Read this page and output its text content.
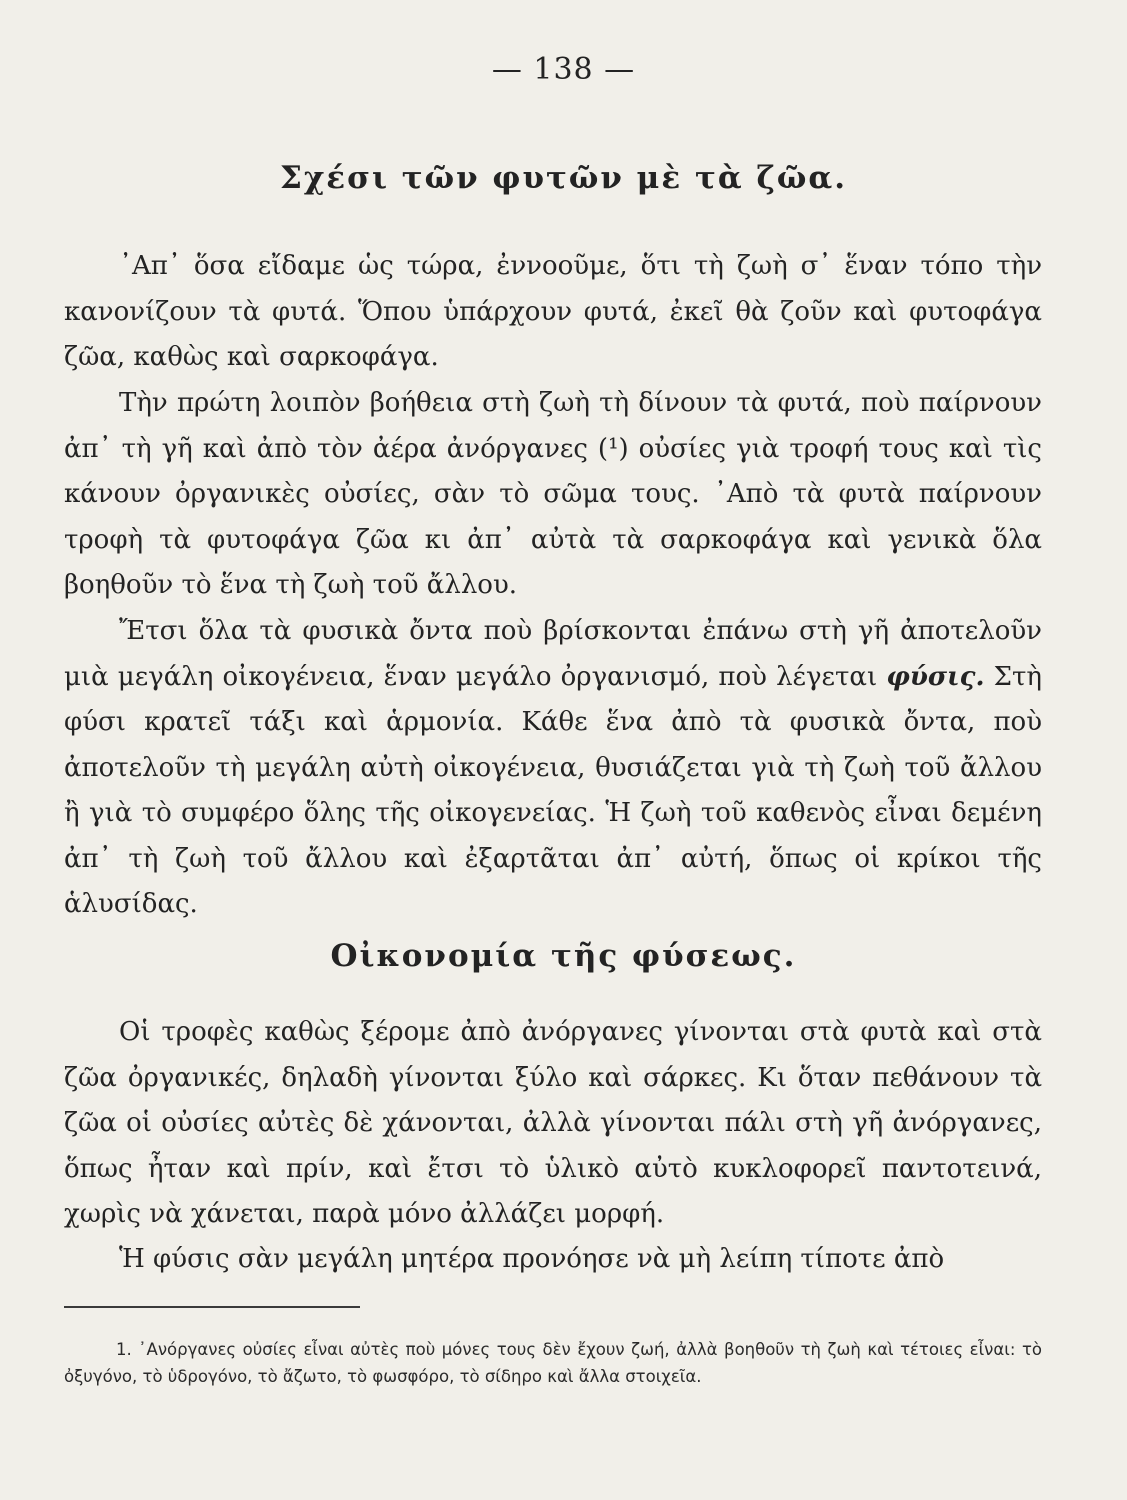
— 138 —
Σχέσι τῶν φυτῶν μὲ τὰ ζῶα.

᾿Απ᾿ ὅσα εἴδαμε ὡς τώρα, ἐννοοῦμε, ὅτι τὴ ζωὴ σ᾿ ἕναν τόπο τὴν κανονίζουν τὰ φυτά. Ὅπου ὑπάρχουν φυτά, ἐκεῖ θὰ ζοῦν καὶ φυτοφάγα ζῶα, καθὼς καὶ σαρκοφάγα.

Τὴν πρώτη λοιπὸν βοήθεια στὴ ζωὴ τὴ δίνουν τὰ φυτά, ποὺ παίρνουν ἀπ᾿ τὴ γῆ καὶ ἀπὸ τὸν ἀέρα ἀνόργανες (¹) οὐσίες γιὰ τροφή τους καὶ τὶς κάνουν ὀργανικὲς οὐσίες, σὰν τὸ σῶμα τους. ᾿Απὸ τὰ φυτὰ παίρνουν τροφὴ τὰ φυτοφάγα ζῶα κι ἀπ᾿ αὐτὰ τὰ σαρκοφάγα καὶ γενικὰ ὅλα βοηθοῦν τὸ ἕνα τὴ ζωὴ τοῦ ἄλλου.

Ἔτσι ὅλα τὰ φυσικὰ ὄντα ποὺ βρίσκονται ἐπάνω στὴ γῆ ἀποτελοῦν μιὰ μεγάλη οἰκογένεια, ἕναν μεγάλο ὀργανισμό, ποὺ λέγεται φύσις. Στὴ φύσι κρατεῖ τάξι καὶ ἁρμονία. Κάθε ἕνα ἀπὸ τὰ φυσικὰ ὄντα, ποὺ ἀποτελοῦν τὴ μεγάλη αὐτὴ οἰκογένεια, θυσιάζεται γιὰ τὴ ζωὴ τοῦ ἄλλου ἢ γιὰ τὸ συμφέρο ὅλης τῆς οἰκογενείας. Ἡ ζωὴ τοῦ καθενὸς εἶναι δεμένη ἀπ᾿ τὴ ζωὴ τοῦ ἄλλου καὶ ἐξαρτᾶται ἀπ᾿ αὐτή, ὅπως οἱ κρίκοι τῆς ἁλυσίδας.

Οἰκονομία τῆς φύσεως.

Οἱ τροφὲς καθὼς ξέρομε ἀπὸ ἀνόργανες γίνονται στὰ φυτὰ καὶ στὰ ζῶα ὀργανικές, δηλαδὴ γίνονται ξύλο καὶ σάρκες. Κι ὅταν πεθάνουν τὰ ζῶα οἱ οὐσίες αὐτὲς δὲ χάνονται, ἀλλὰ γίνονται πάλι στὴ γῆ ἀνόργανες, ὅπως ἦταν καὶ πρίν, καὶ ἔτσι τὸ ὑλικὸ αὐτὸ κυκλοφορεῖ παντοτεινά, χωρὶς νὰ χάνεται, παρὰ μόνο ἀλλάζει μορφή.

Ἡ φύσις σὰν μεγάλη μητέρα προνόησε νὰ μὴ λείπη τίποτε ἀπὸ

1. ᾿Ανόργανες οὐσίες εἶναι αὐτὲς ποὺ μόνες τους δὲν ἔχουν ζωή, ἀλλὰ βοηθοῦν τὴ ζωὴ καὶ τέτοιες εἶναι: τὸ ὀξυγόνο, τὸ ὑδρογόνο, τὸ ἄζωτο, τὸ φωσφόρο, τὸ σίδηρο καὶ ἄλλα στοιχεῖα.
